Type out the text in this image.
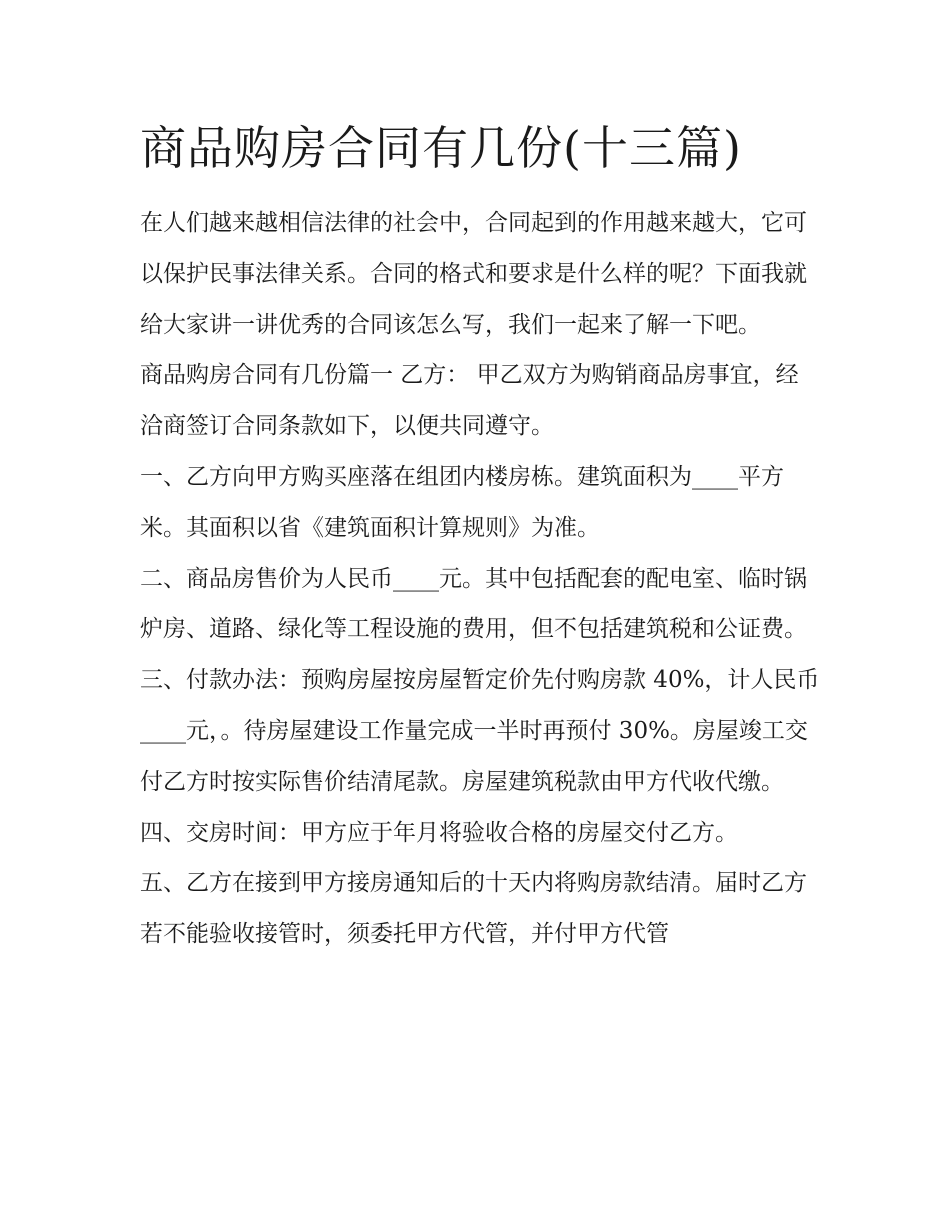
商品购房合同有几份(十三篇)

在人们越来越相信法律的社会中，合同起到的作用越来越大，它可以保护民事法律关系。合同的格式和要求是什么样的呢？下面我就给大家讲一讲优秀的合同该怎么写，我们一起来了解一下吧。

商品购房合同有几份篇一 乙方： 甲乙双方为购销商品房事宜，经洽商签订合同条款如下，以便共同遵守。

一、乙方向甲方购买座落在组团内楼房栋。建筑面积为____平方米。其面积以省《建筑面积计算规则》为准。

二、商品房售价为人民币____元。其中包括配套的配电室、临时锅炉房、道路、绿化等工程设施的费用，但不包括建筑税和公证费。

三、付款办法：预购房屋按房屋暂定价先付购房款 40%，计人民币____元，。待房屋建设工作量完成一半时再预付 30%。房屋竣工交付乙方时按实际售价结清尾款。房屋建筑税款由甲方代收代缴。

四、交房时间：甲方应于年月将验收合格的房屋交付乙方。

五、乙方在接到甲方接房通知后的十天内将购房款结清。届时乙方若不能验收接管时，须委托甲方代管，并付甲方代管
